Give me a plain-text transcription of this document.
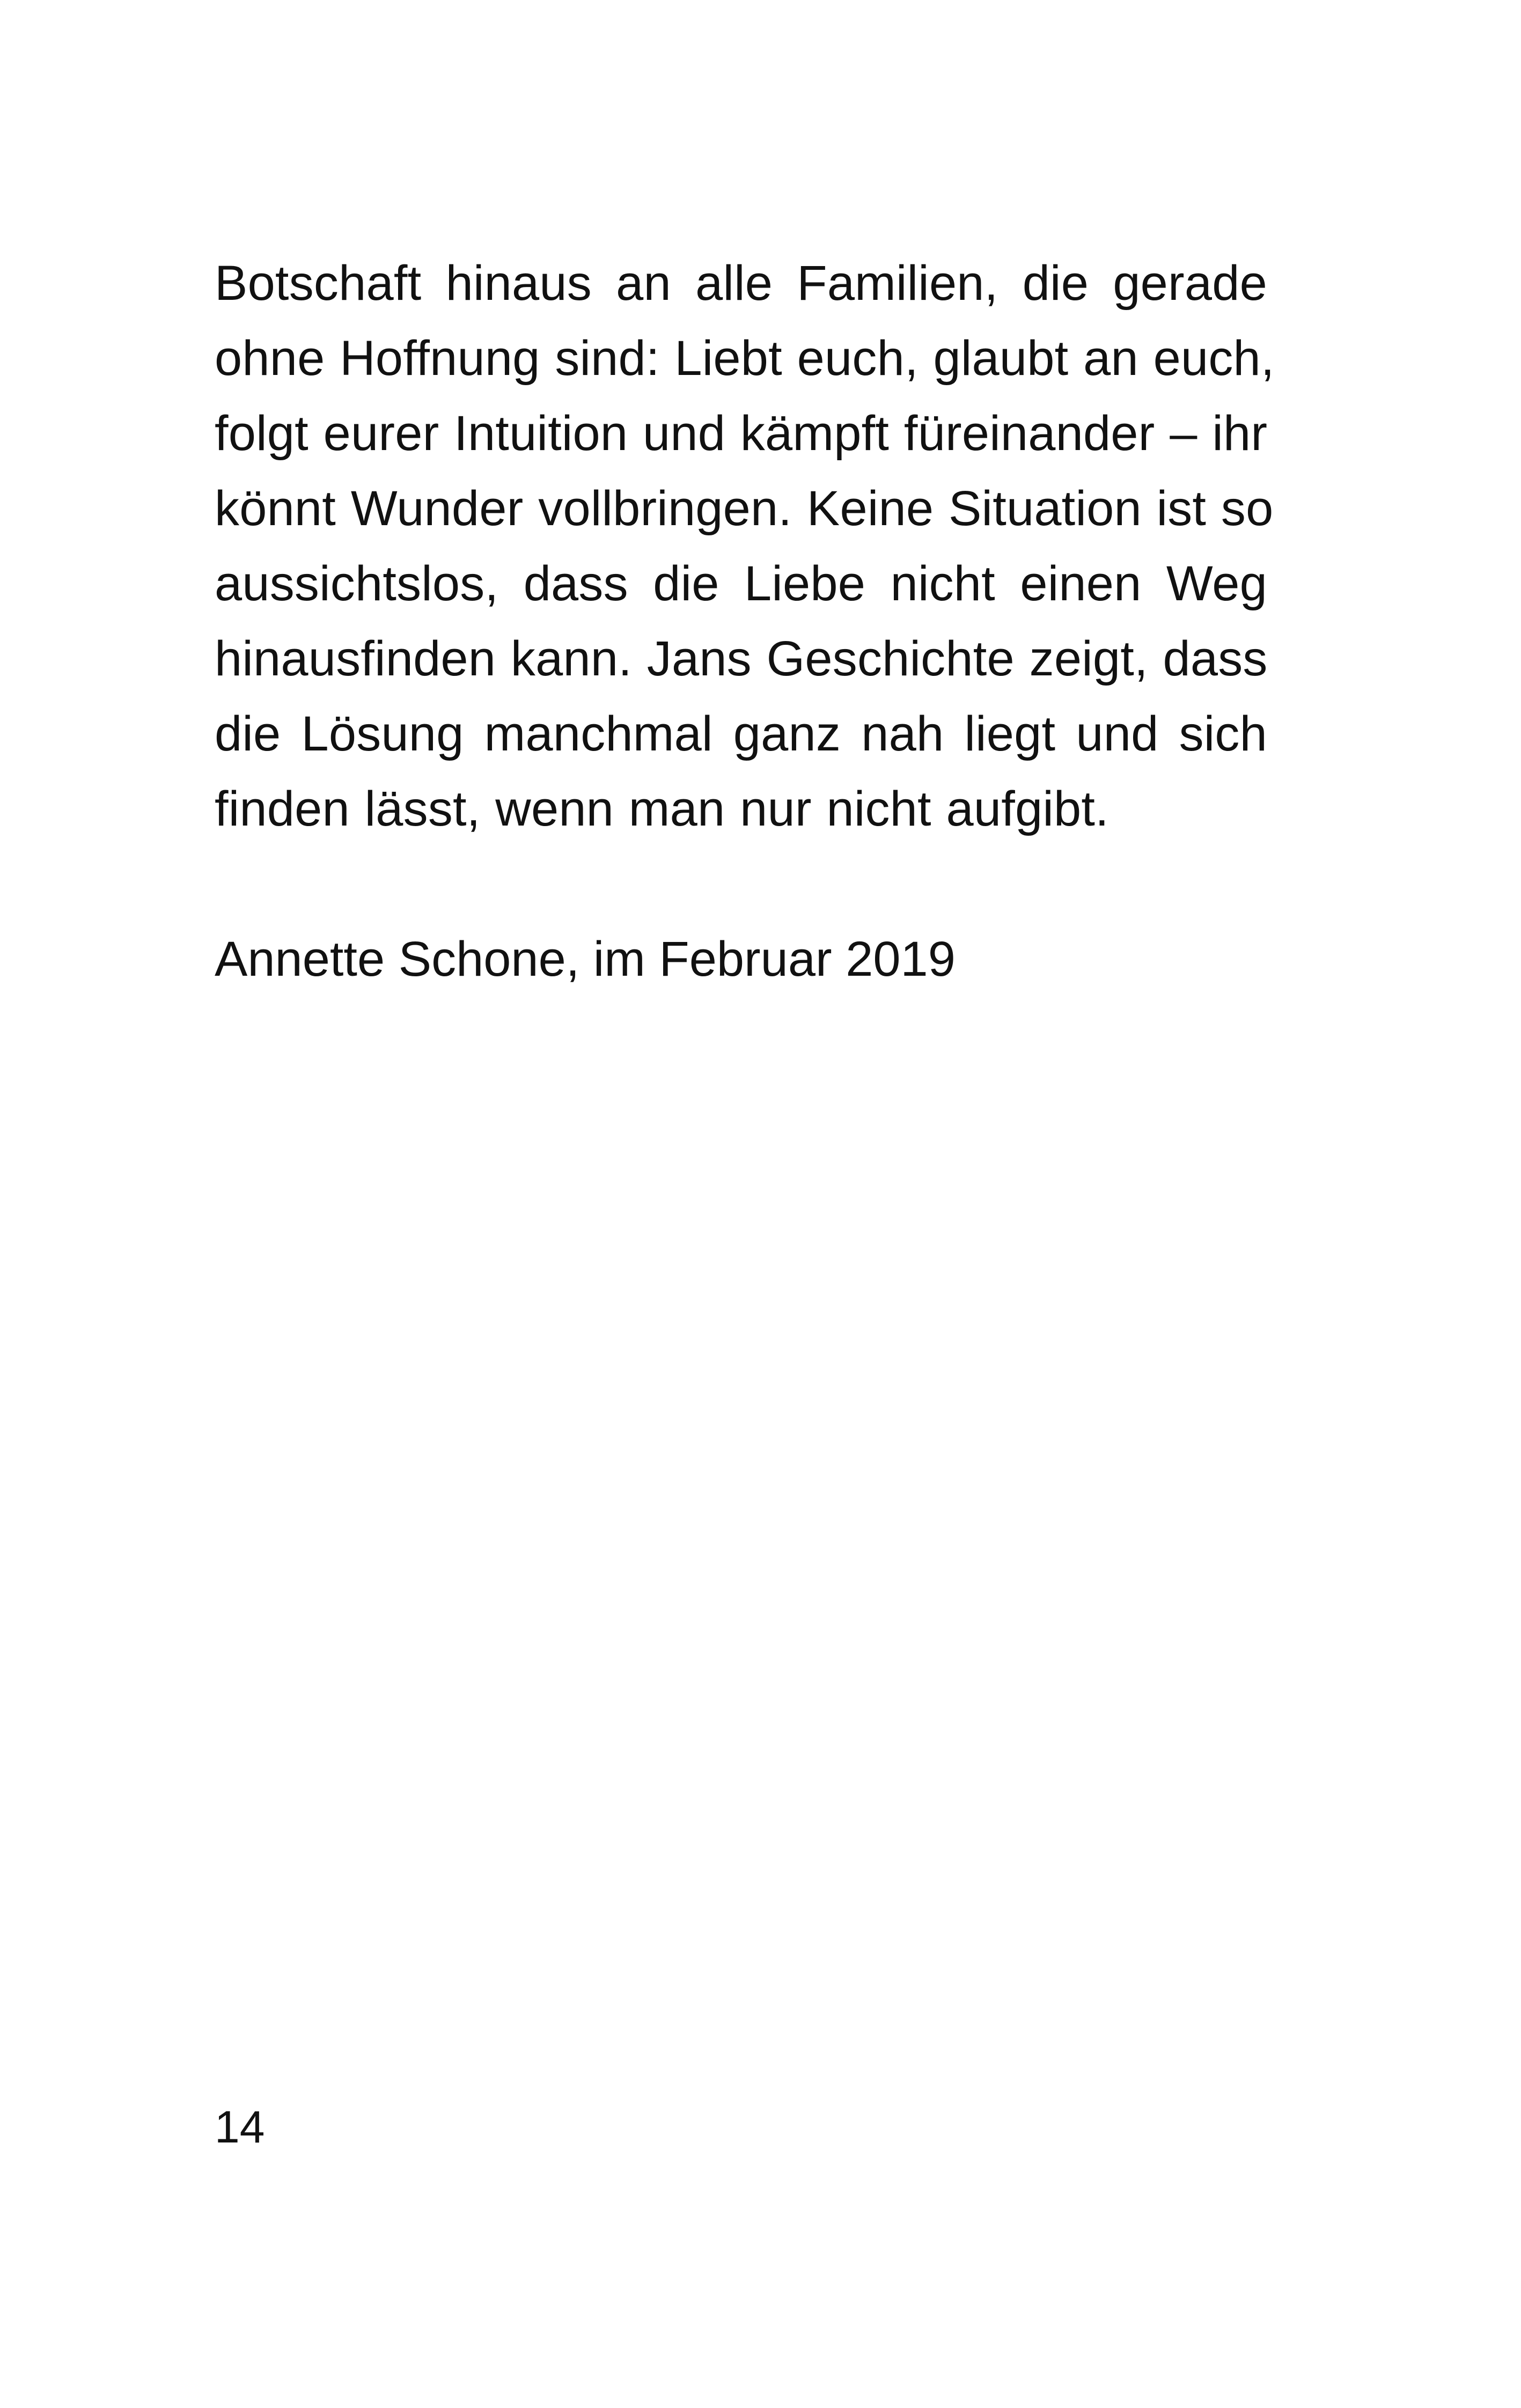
Botschaft hinaus an alle Familien, die gerade
ohne Hoffnung sind: Liebt euch, glaubt an euch,
folgt eurer Intuition und kämpft füreinander – ihr
könnt Wunder vollbringen. Keine Situation ist so
aussichtslos, dass die Liebe nicht einen Weg
hinausfinden kann. Jans Geschichte zeigt, dass
die Lösung manchmal ganz nah liegt und sich
finden lässt, wenn man nur nicht aufgibt.

Annette Schone, im Februar 2019

14
